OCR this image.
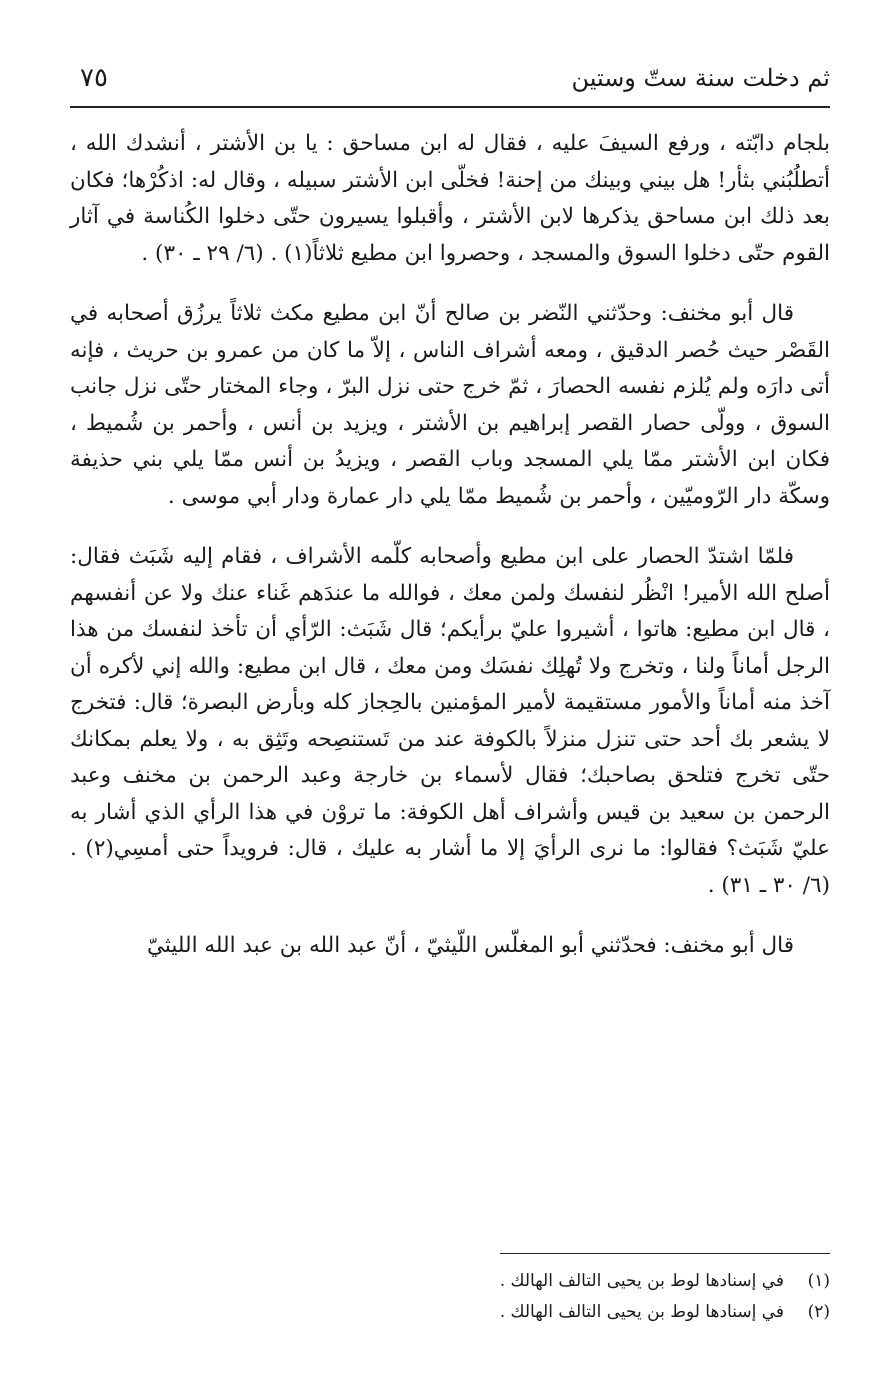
ثم دخلت سنة ستّ وستين
٧٥

بلجام دابّته ، ورفع السيفَ عليه ، فقال له ابن مساحق : يا بن الأشتر ، أنشدك الله ، أتطلُبُني بثأر! هل بيني وبينك من إحنة! فخلّى ابن الأشتر سبيله ، وقال له: اذكُرْها؛ فكان بعد ذلك ابن مساحق يذكرها لابن الأشتر ، وأقبلوا يسيرون حتّى دخلوا الكُناسة في آثار القوم حتّى دخلوا السوق والمسجد ، وحصروا ابن مطيع ثلاثاً(١) . (٦/ ٢٩ ـ ٣٠) .

قال أبو مخنف: وحدّثني النّضر بن صالح أنّ ابن مطيع مكث ثلاثاً يرزُق أصحابه في القَصْر حيث حُصر الدقيق ، ومعه أشراف الناس ، إلاّ ما كان من عمرو بن حريث ، فإنه أتى دارَه ولم يُلزم نفسه الحصارَ ، ثمّ خرج حتى نزل البرّ ، وجاء المختار حتّى نزل جانب السوق ، وولّى حصار القصر إبراهيم بن الأشتر ، ويزيد بن أنس ، وأحمر بن شُميط ، فكان ابن الأشتر ممّا يلي المسجد وباب القصر ، ويزيدُ بن أنس ممّا يلي بني حذيفة وسكّة دار الرّوميّين ، وأحمر بن شُميط ممّا يلي دار عمارة ودار أبي موسى .

فلمّا اشتدّ الحصار على ابن مطيع وأصحابه كلّمه الأشراف ، فقام إليه شَبَث فقال: أصلح الله الأمير! انْظُر لنفسك ولمن معك ، فوالله ما عندَهم غَناء عنك ولا عن أنفسهم ، قال ابن مطيع: هاتوا ، أشيروا عليّ برأيكم؛ قال شَبَث: الرّأي أن تأخذ لنفسك من هذا الرجل أماناً ولنا ، وتخرج ولا تُهلِك نفسَك ومن معك ، قال ابن مطيع: والله إني لأكره أن آخذ منه أماناً والأمور مستقيمة لأمير المؤمنين بالحِجاز كله وبأرض البصرة؛ قال: فتخرج لا يشعر بك أحد حتى تنزل منزلاً بالكوفة عند من تَستنصِحه وتَثِق به ، ولا يعلم بمكانك حتّى تخرج فتلحق بصاحبك؛ فقال لأسماء بن خارجة وعبد الرحمن بن مخنف وعبد الرحمن بن سعيد بن قيس وأشراف أهل الكوفة: ما تروْن في هذا الرأي الذي أشار به عليّ شَبَث؟ فقالوا: ما نرى الرأيَ إلا ما أشار به عليك ، قال: فرويداً حتى أمسِي(٢) . (٦/ ٣٠ ـ ٣١) .

قال أبو مخنف: فحدّثني أبو المغلّس اللّيثيّ ، أنّ عبد الله بن عبد الله الليثيّ

(١)
في إسنادها لوط بن يحيى التالف الهالك .
(٢)
في إسنادها لوط بن يحيى التالف الهالك .
